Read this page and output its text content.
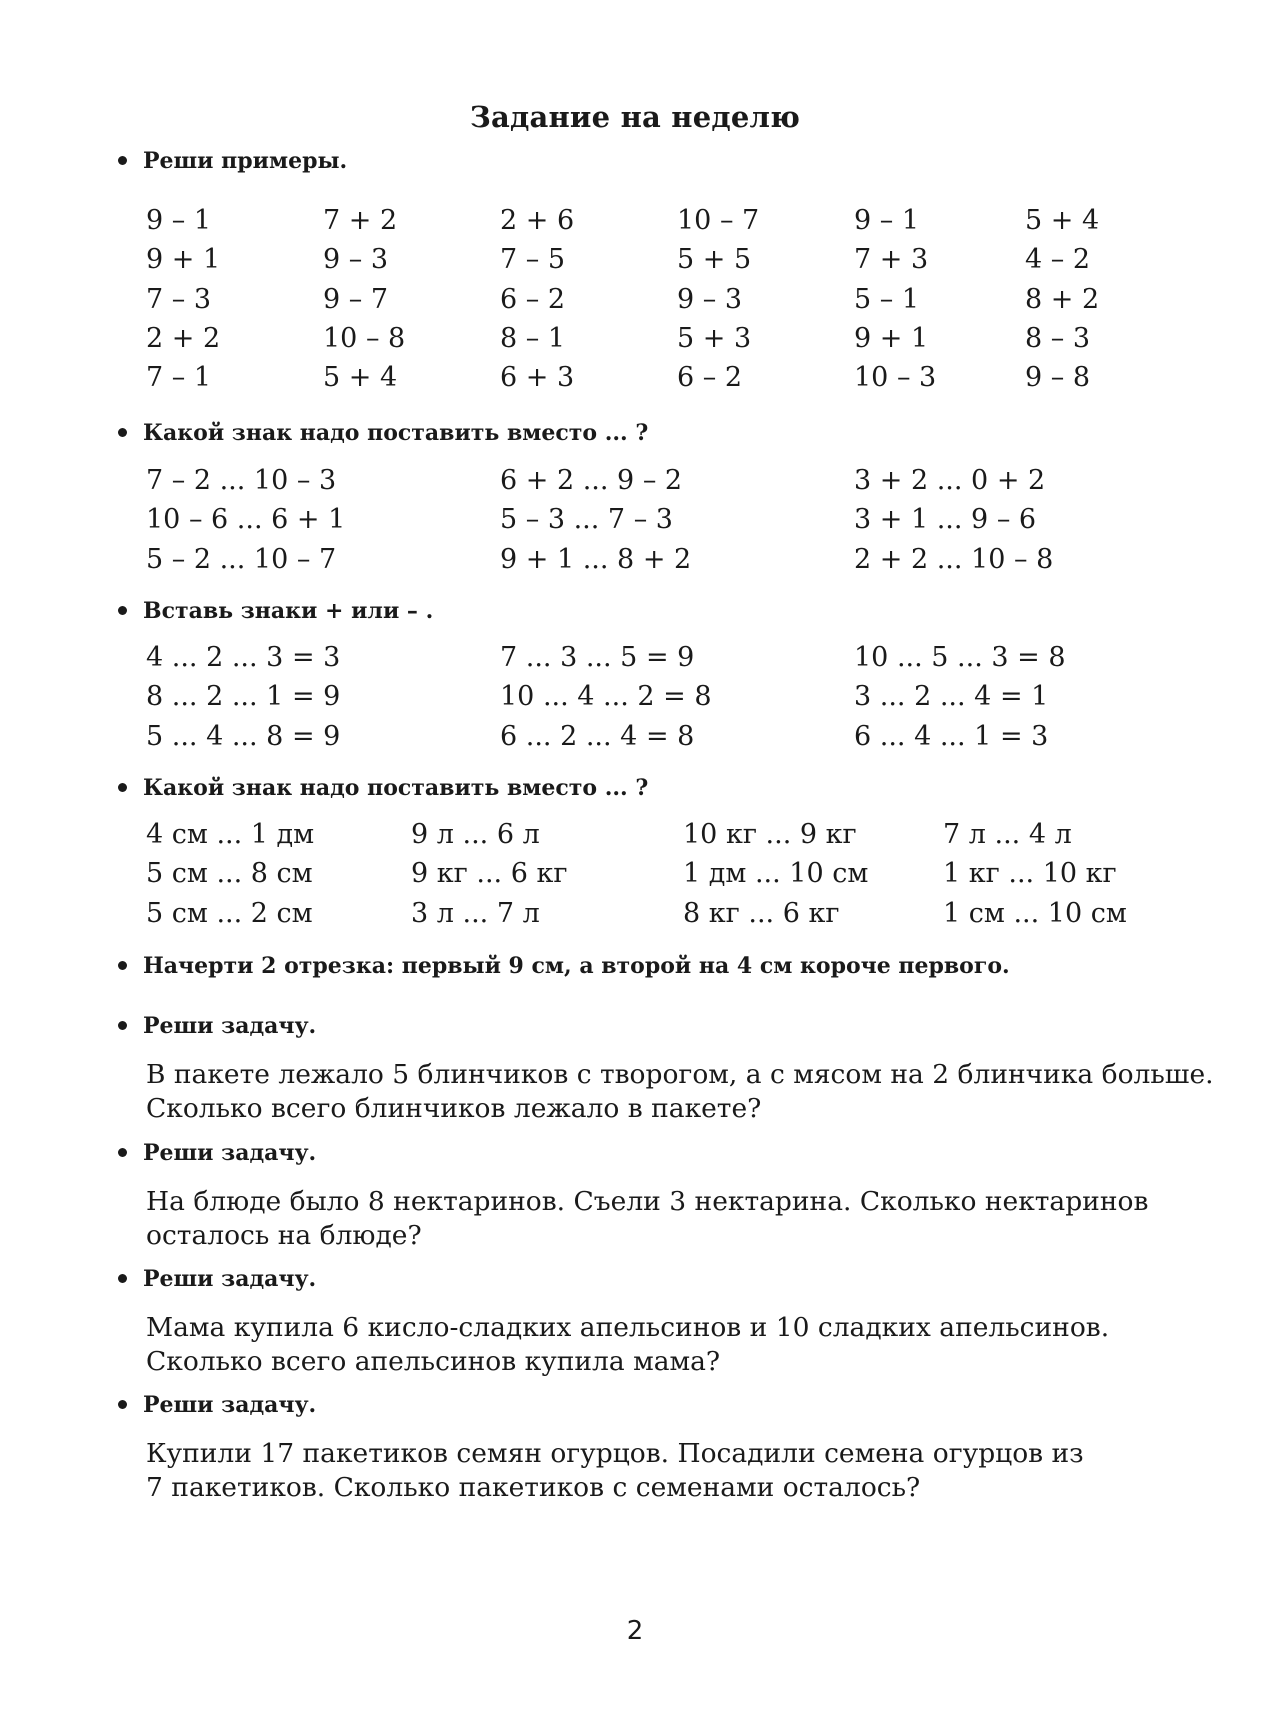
Задание на неделю
Реши примеры.
9 – 1	7 + 2	2 + 6	10 – 7	9 – 1	5 + 4
9 + 1	9 – 3	7 – 5	5 + 5	7 + 3	4 – 2
7 – 3	9 – 7	6 – 2	9 – 3	5 – 1	8 + 2
2 + 2	10 – 8	8 – 1	5 + 3	9 + 1	8 – 3
7 – 1	5 + 4	6 + 3	6 – 2	10 – 3	9 – 8
Какой знак надо поставить вместо ... ?
7 – 2 ... 10 – 3	6 + 2 ... 9 – 2	3 + 2 ... 0 + 2
10 – 6 ... 6 + 1	5 – 3 ... 7 – 3	3 + 1 ... 9 – 6
5 – 2 ... 10 – 7	9 + 1 ... 8 + 2	2 + 2 ... 10 – 8
Вставь знаки + или – .
4 ... 2 ... 3 = 3	7 ... 3 ... 5 = 9	10 ... 5 ... 3 = 8
8 ... 2 ... 1 = 9	10 ... 4 ... 2 = 8	3 ... 2 ... 4 = 1
5 ... 4 ... 8 = 9	6 ... 2 ... 4 = 8	6 ... 4 ... 1 = 3
Какой знак надо поставить вместо ... ?
4 см ... 1 дм	9 л ... 6 л	10 кг ... 9 кг	7 л ... 4 л
5 см ... 8 см	9 кг ... 6 кг	1 дм ... 10 см	1 кг ... 10 кг
5 см ... 2 см	3 л ... 7 л	8 кг ... 6 кг	1 см ... 10 см
Начерти 2 отрезка: первый 9 см, а второй на 4 см короче первого.
Реши задачу.
В пакете лежало 5 блинчиков с творогом, а с мясом на 2 блинчика больше.
Сколько всего блинчиков лежало в пакете?
Реши задачу.
На блюде было 8 нектаринов. Съели 3 нектарина. Сколько нектаринов
осталось на блюде?
Реши задачу.
Мама купила 6 кисло-сладких апельсинов и 10 сладких апельсинов.
Сколько всего апельсинов купила мама?
Реши задачу.
Купили 17 пакетиков семян огурцов. Посадили семена огурцов из
7 пакетиков. Сколько пакетиков с семенами осталось?
2
